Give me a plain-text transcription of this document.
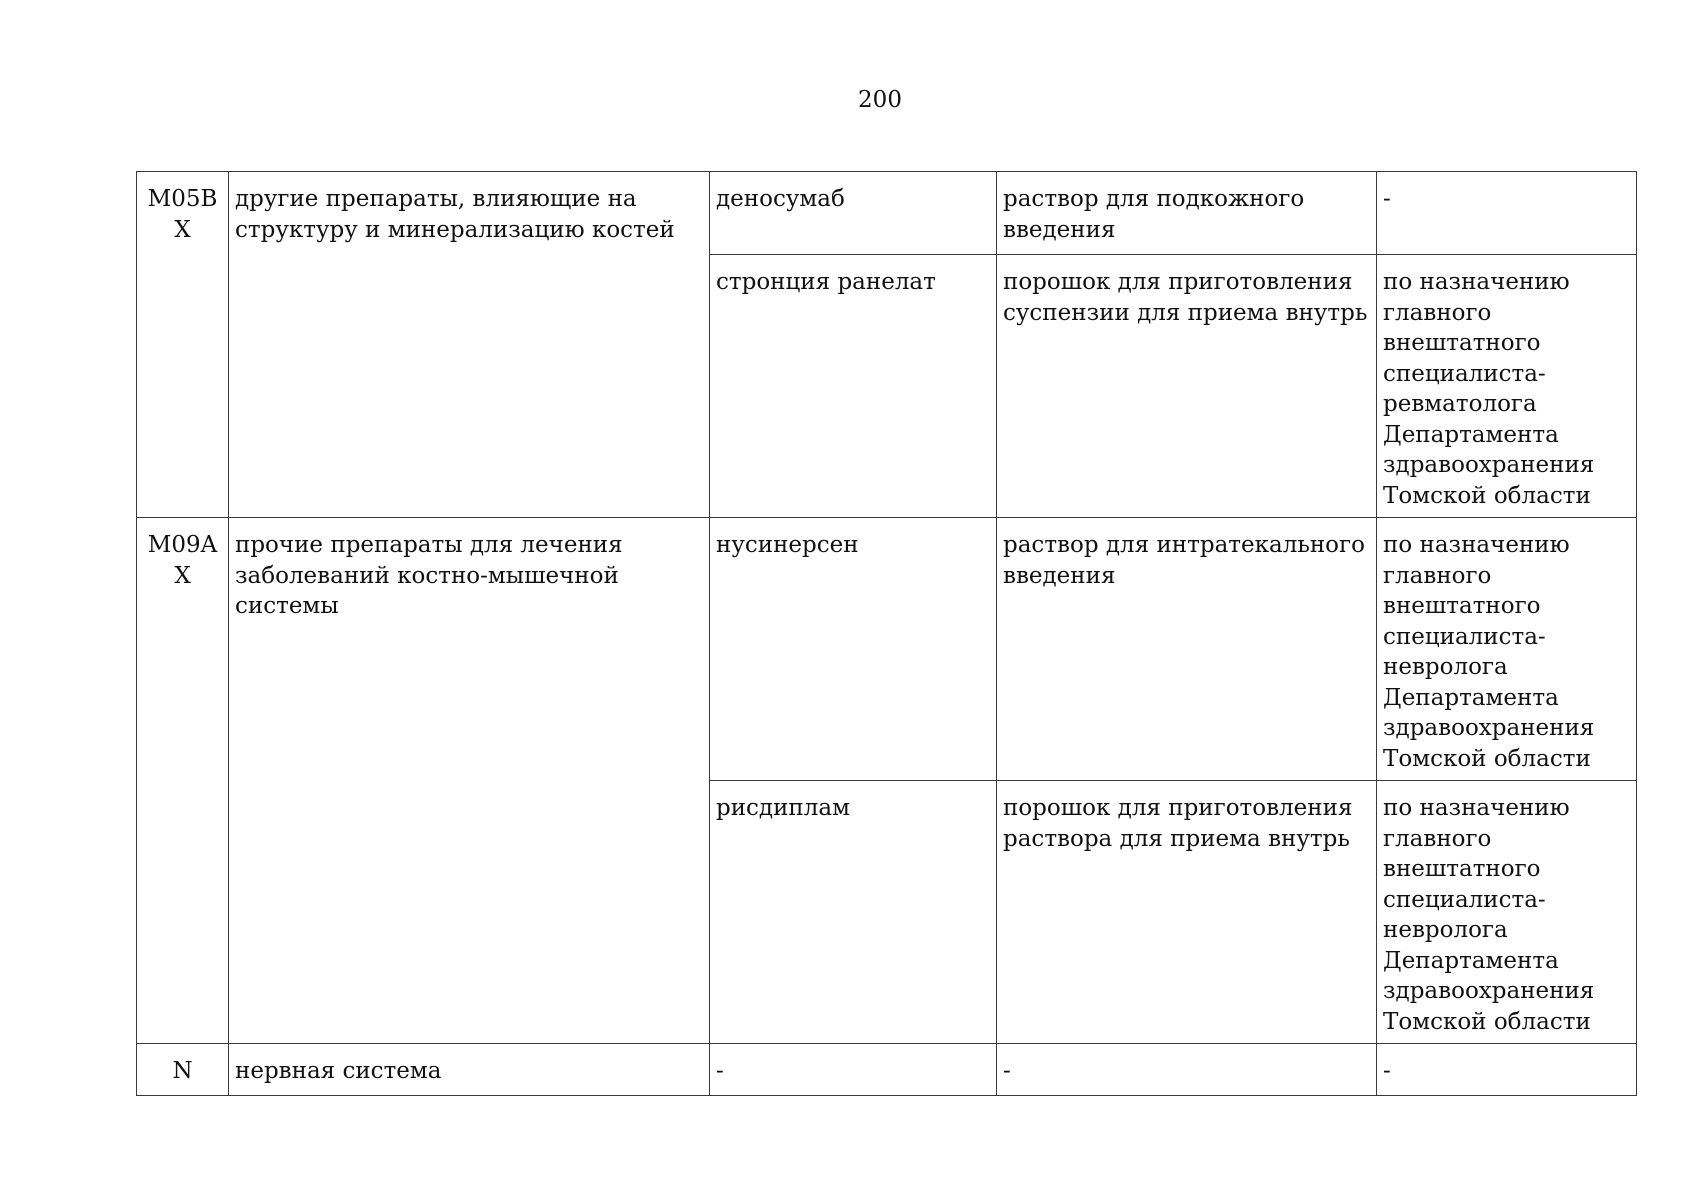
200
M05B X	другие препараты, влияющие на структуру и минерализацию костей	деносумаб	раствор для подкожного введения	-
		стронция ранелат	порошок для приготовления суспензии для приема внутрь	по назначению главного внештатного специалиста-ревматолога Департамента здравоохранения Томской области
M09A X	прочие препараты для лечения заболеваний костно-мышечной системы	нусинерсен	раствор для интратекального введения	по назначению главного внештатного специалиста-невролога Департамента здравоохранения Томской области
		рисдиплам	порошок для приготовления раствора для приема внутрь	по назначению главного внештатного специалиста-невролога Департамента здравоохранения Томской области
N	нервная система	-	-	-
